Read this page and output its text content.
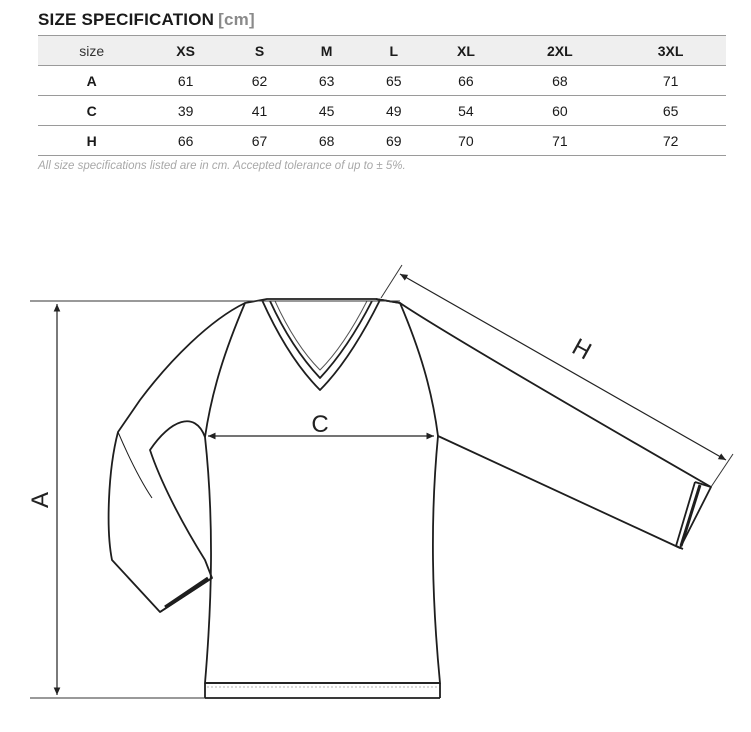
SIZE SPECIFICATION [cm]
size	XS	S	M	L	XL	2XL	3XL
A	61	62	63	65	66	68	71
C	39	41	45	49	54	60	65
H	66	67	68	69	70	71	72
All size specifications listed are in cm. Accepted tolerance of up to ± 5%.
A
C
H
